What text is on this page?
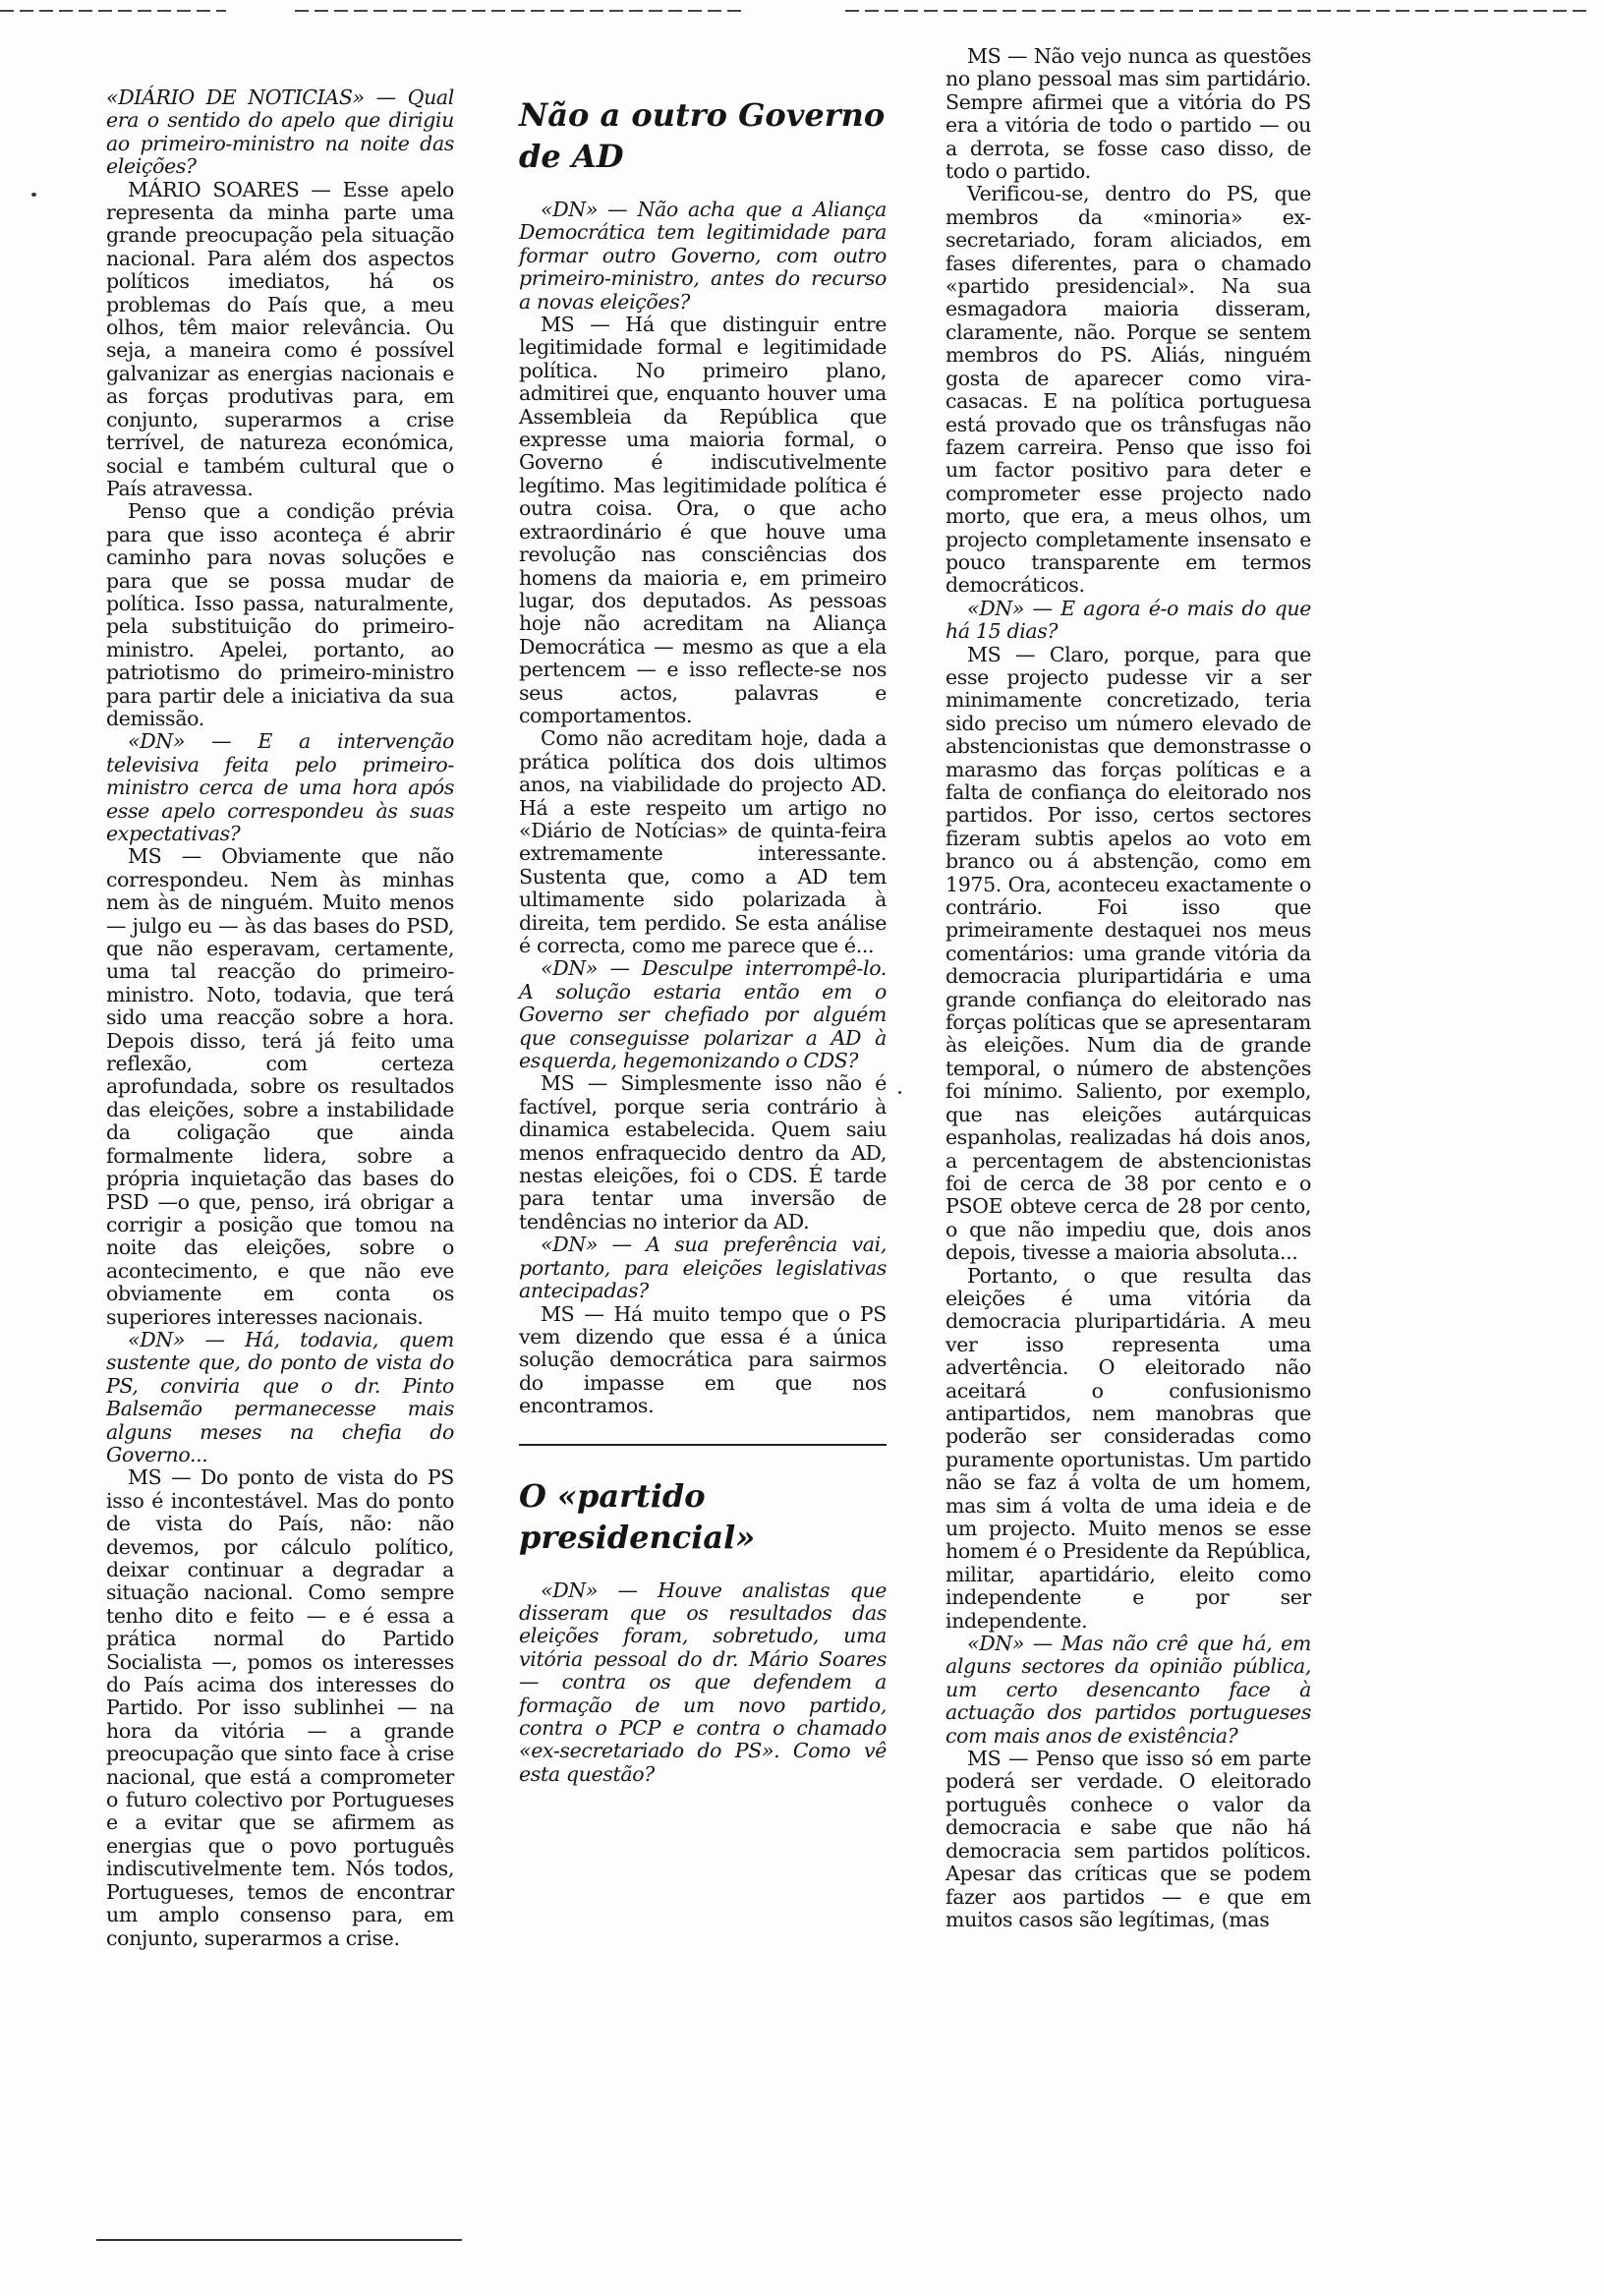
«DIÁRIO DE NOTICIAS» — Qual era o sentido do apelo que dirigiu ao primeiro-ministro na noite das eleições?

MÁRIO SOARES — Esse apelo representa da minha parte uma grande preocupação pela situação nacional. Para além dos aspectos políticos imediatos, há os problemas do País que, a meu olhos, têm maior relevância. Ou seja, a maneira como é possível galvanizar as energias nacionais e as forças produtivas para, em conjunto, superarmos a crise terrível, de natureza económica, social e também cultural que o País atravessa.

Penso que a condição prévia para que isso aconteça é abrir caminho para novas soluções e para que se possa mudar de política. Isso passa, naturalmente, pela substituição do primeiro-ministro. Apelei, portanto, ao patriotismo do primeiro-ministro para partir dele a iniciativa da sua demissão.

«DN» — E a intervenção televisiva feita pelo primeiro-ministro cerca de uma hora após esse apelo correspondeu às suas expectativas?

MS — Obviamente que não correspondeu. Nem às minhas nem às de ninguém. Muito menos — julgo eu — às das bases do PSD, que não esperavam, certamente, uma tal reacção do primeiro-ministro. Noto, todavia, que terá sido uma reacção sobre a hora. Depois disso, terá já feito uma reflexão, com certeza aprofundada, sobre os resultados das eleições, sobre a instabilidade da coligação que ainda formalmente lidera, sobre a própria inquietação das bases do PSD —o que, penso, irá obrigar a corrigir a posição que tomou na noite das eleições, sobre o acontecimento, e que não eve obviamente em conta os superiores interesses nacionais.

«DN» — Há, todavia, quem sustente que, do ponto de vista do PS, conviria que o dr. Pinto Balsemão permanecesse mais alguns meses na chefia do Governo...

MS — Do ponto de vista do PS isso é incontestável. Mas do ponto de vista do País, não: não devemos, por cálculo político, deixar continuar a degradar a situação nacional. Como sempre tenho dito e feito — e é essa a prática normal do Partido Socialista —, pomos os interesses do País acima dos interesses do Partido. Por isso sublinhei — na hora da vitória — a grande preocupação que sinto face à crise nacional, que está a comprometer o futuro colectivo por Portugueses e a evitar que se afirmem as energias que o povo português indiscutivelmente tem. Nós todos, Portugueses, temos de encontrar um amplo consenso para, em conjunto, superarmos a crise.

Não a outro Governo de AD

«DN» — Não acha que a Aliança Democrática tem legitimidade para formar outro Governo, com outro primeiro-ministro, antes do recurso a novas eleições?

MS — Há que distinguir entre legitimidade formal e legitimidade política. No primeiro plano, admitirei que, enquanto houver uma Assembleia da República que expresse uma maioria formal, o Governo é indiscutivelmente legítimo. Mas legitimidade política é outra coisa. Ora, o que acho extraordinário é que houve uma revolução nas consciências dos homens da maioria e, em primeiro lugar, dos deputados. As pessoas hoje não acreditam na Aliança Democrática — mesmo as que a ela pertencem — e isso reflecte-se nos seus actos, palavras e comportamentos.

Como não acreditam hoje, dada a prática política dos dois ultimos anos, na viabilidade do projecto AD. Há a este respeito um artigo no «Diário de Notícias» de quinta-feira extremamente interessante. Sustenta que, como a AD tem ultimamente sido polarizada à direita, tem perdido. Se esta análise é correcta, como me parece que é...

«DN» — Desculpe interrompê-lo. A solução estaria então em o Governo ser chefiado por alguém que conseguisse polarizar a AD à esquerda, hegemonizando o CDS?

MS — Simplesmente isso não é factível, porque seria contrário à dinamica estabelecida. Quem saiu menos enfraquecido dentro da AD, nestas eleições, foi o CDS. É tarde para tentar uma inversão de tendências no interior da AD.

«DN» — A sua preferência vai, portanto, para eleições legislativas antecipadas?

MS — Há muito tempo que o PS vem dizendo que essa é a única solução democrática para sairmos do impasse em que nos encontramos.

O «partido presidencial»

«DN» — Houve analistas que disseram que os resultados das eleições foram, sobretudo, uma vitória pessoal do dr. Mário Soares — contra os que defendem a formação de um novo partido, contra o PCP e contra o chamado «ex-secretariado do PS». Como vê esta questão?

MS — Não vejo nunca as questões no plano pessoal mas sim partidário. Sempre afirmei que a vitória do PS era a vitória de todo o partido — ou a derrota, se fosse caso disso, de todo o partido.

Verificou-se, dentro do PS, que membros da «minoria» ex-secretariado, foram aliciados, em fases diferentes, para o chamado «partido presidencial». Na sua esmagadora maioria disseram, claramente, não. Porque se sentem membros do PS. Aliás, ninguém gosta de aparecer como vira-casacas. E na política portuguesa está provado que os trânsfugas não fazem carreira. Penso que isso foi um factor positivo para deter e comprometer esse projecto nado morto, que era, a meus olhos, um projecto completamente insensato e pouco transparente em termos democráticos.

«DN» — E agora é-o mais do que há 15 dias?

MS — Claro, porque, para que esse projecto pudesse vir a ser minimamente concretizado, teria sido preciso um número elevado de abstencionistas que demonstrasse o marasmo das forças políticas e a falta de confiança do eleitorado nos partidos. Por isso, certos sectores fizeram subtis apelos ao voto em branco ou á abstenção, como em 1975. Ora, aconteceu exactamente o contrário. Foi isso que primeiramente destaquei nos meus comentários: uma grande vitória da democracia pluripartidária e uma grande confiança do eleitorado nas forças políticas que se apresentaram às eleições. Num dia de grande temporal, o número de abstenções foi mínimo. Saliento, por exemplo, que nas eleições autárquicas espanholas, realizadas há dois anos, a percentagem de abstencionistas foi de cerca de 38 por cento e o PSOE obteve cerca de 28 por cento, o que não impediu que, dois anos depois, tivesse a maioria absoluta...

Portanto, o que resulta das eleições é uma vitória da democracia pluripartidária. A meu ver isso representa uma advertência. O eleitorado não aceitará o confusionismo antipartidos, nem manobras que poderão ser consideradas como puramente oportunistas. Um partido não se faz á volta de um homem, mas sim á volta de uma ideia e de um projecto. Muito menos se esse homem é o Presidente da República, militar, apartidário, eleito como independente e por ser independente.

«DN» — Mas não crê que há, em alguns sectores da opinião pública, um certo desencanto face à actuação dos partidos portugueses com mais anos de existência?

MS — Penso que isso só em parte poderá ser verdade. O eleitorado português conhece o valor da democracia e sabe que não há democracia sem partidos políticos. Apesar das críticas que se podem fazer aos partidos — e que em muitos casos são legítimas, (mas
